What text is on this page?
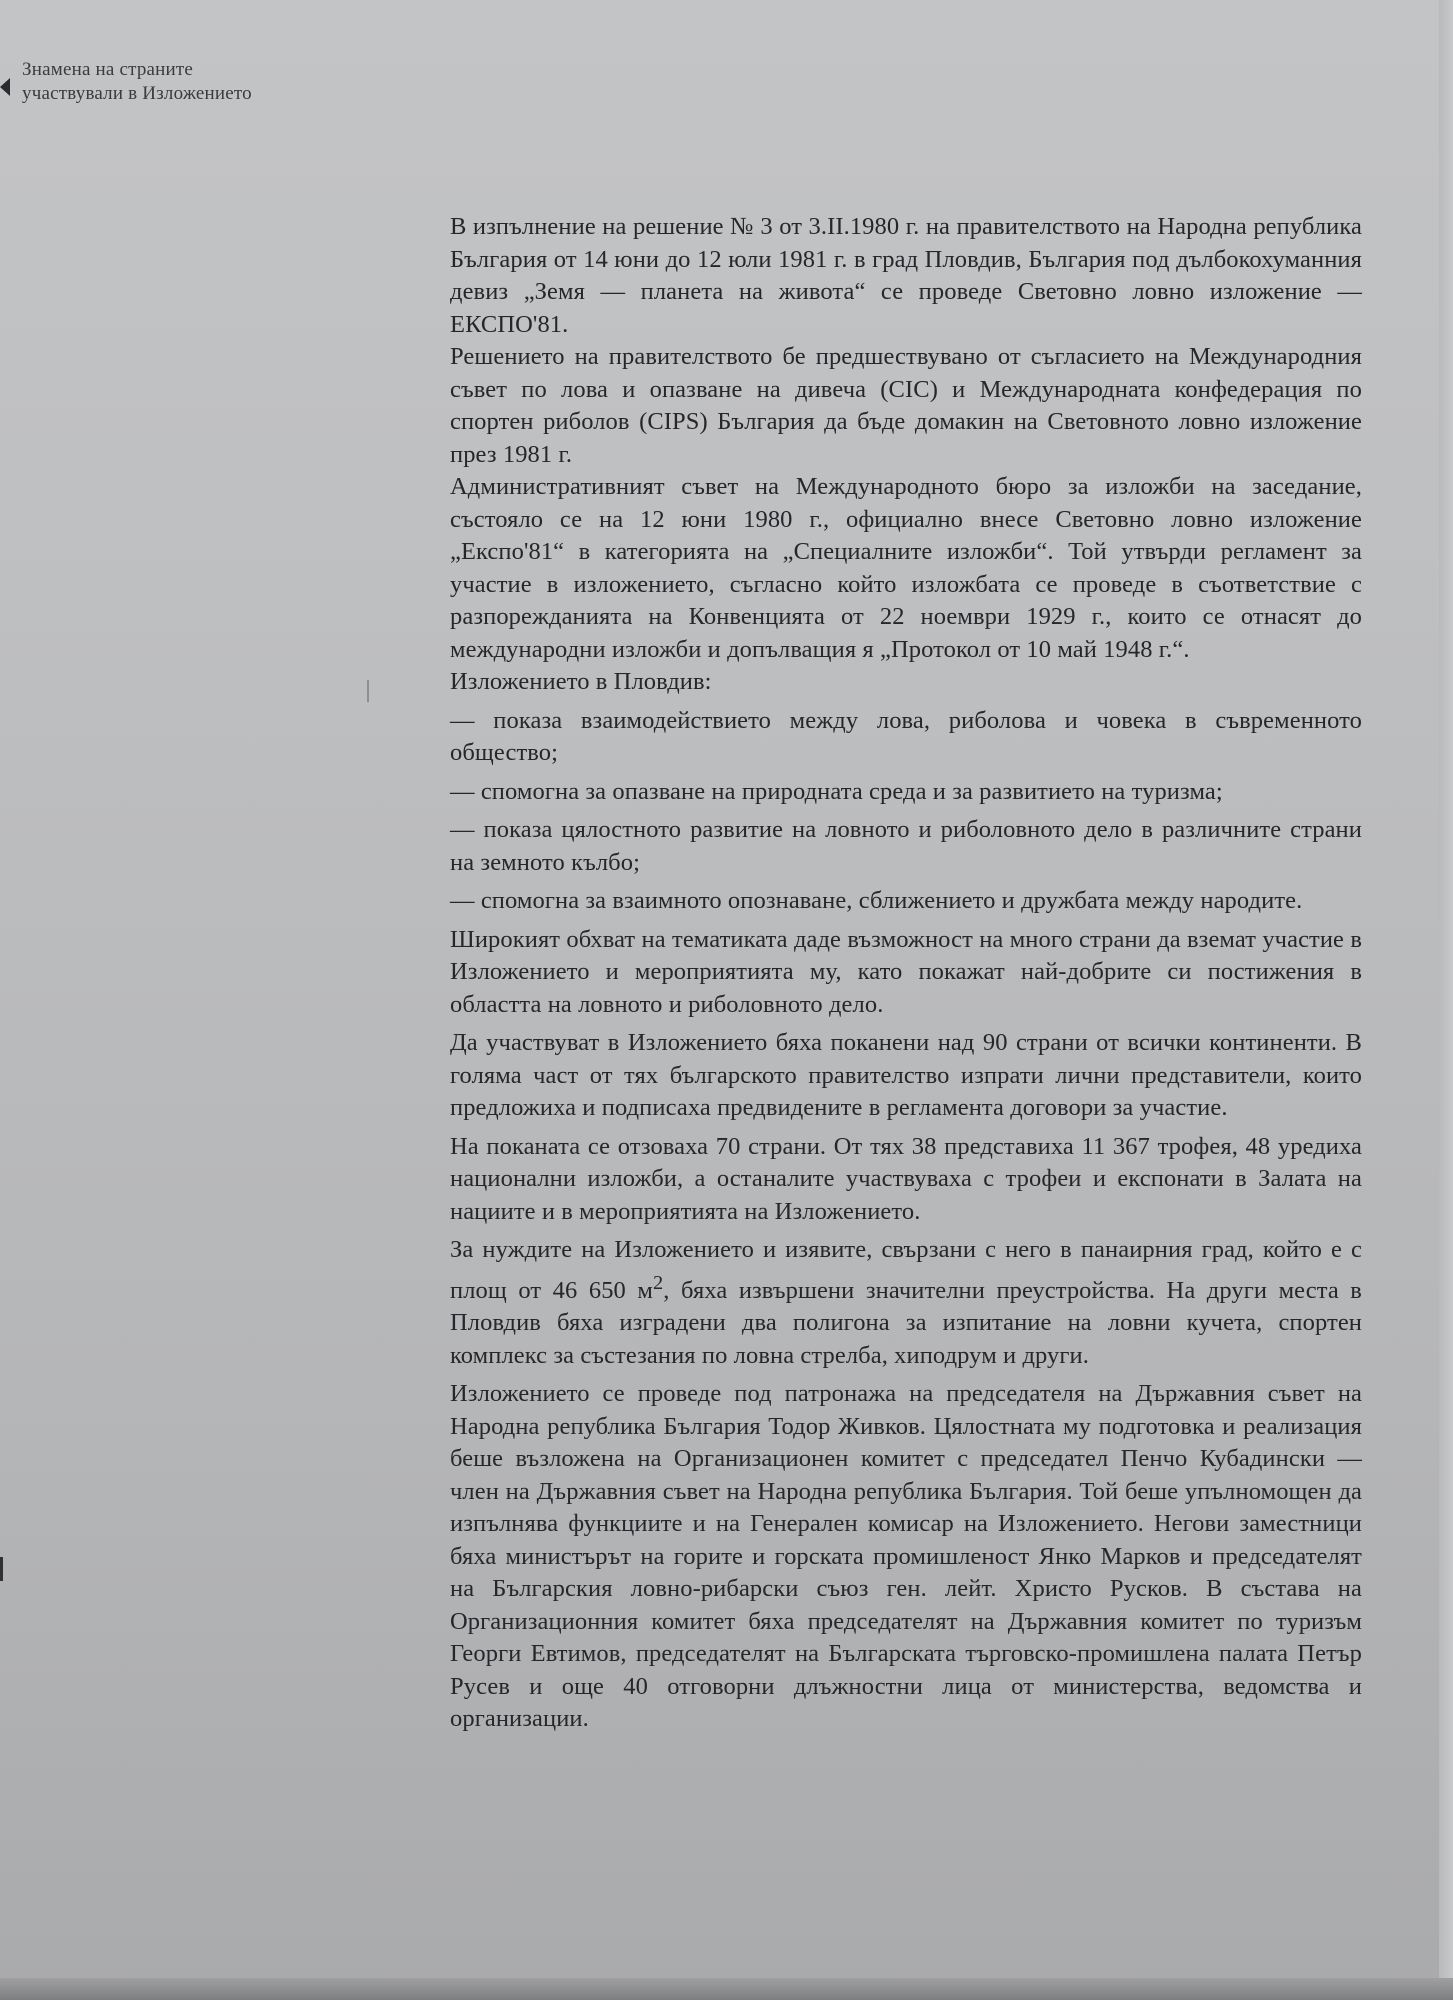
Знамена на страните
участвували в Изложението

В изпълнение на решение № 3 от 3.II.1980 г. на правителството на Народна република България от 14 юни до 12 юли 1981 г. в град Пловдив, България под дълбокохуманния девиз „Земя — планета на живота“ се проведе Световно ловно изложение — ЕКСПО'81.

Решението на правителството бе предшествувано от съгласието на Международния съвет по лова и опазване на дивеча (CIC) и Международната конфедерация по спортен риболов (CIPS) България да бъде домакин на Световното ловно изложение през 1981 г.

Административният съвет на Международното бюро за изложби на заседание, състояло се на 12 юни 1980 г., официално внесе Световно ловно изложение „Експо'81“ в категорията на „Специалните изложби“. Той утвърди регламент за участие в изложението, съгласно който изложбата се проведе в съответствие с разпорежданията на Конвенцията от 22 ноември 1929 г., които се отнасят до международни изложби и допълващия я „Протокол от 10 май 1948 г.“.

Изложението в Пловдив:

— показа взаимодействието между лова, риболова и човека в съвременното общество;

— спомогна за опазване на природната среда и за развитието на туризма;

— показа цялостното развитие на ловното и риболовното дело в различните страни на земното кълбо;

— спомогна за взаимното опознаване, сближението и дружбата между народите.

Широкият обхват на тематиката даде възможност на много страни да вземат участие в Изложението и мероприятията му, като покажат най-добрите си постижения в областта на ловното и риболовното дело.

Да участвуват в Изложението бяха поканени над 90 страни от всички континенти. В голяма част от тях българското правителство изпрати лични представители, които предложиха и подписаха предвидените в регламента договори за участие.

На поканата се отзоваха 70 страни. От тях 38 представиха 11 367 трофея, 48 уредиха национални изложби, а останалите участвуваха с трофеи и експонати в Залата на нациите и в мероприятията на Изложението.

За нуждите на Изложението и изявите, свързани с него в панаирния град, който е с площ от 46 650 $м^2$, бяха извършени значителни преустройства. На други места в Пловдив бяха изградени два полигона за изпитание на ловни кучета, спортен комплекс за състезания по ловна стрелба, хиподрум и други.

Изложението се проведе под патронажа на председателя на Държавния съвет на Народна република България Тодор Живков. Цялостната му подготовка и реализация беше възложена на Организационен комитет с председател Пенчо Кубадински — член на Държавния съвет на Народна република България. Той беше упълномощен да изпълнява функциите и на Генерален комисар на Изложението. Негови заместници бяха министърът на горите и горската промишленост Янко Марков и председателят на Българския ловно-рибарски съюз ген. лейт. Христо Русков. В състава на Организационния комитет бяха председателят на Държавния комитет по туризъм Георги Евтимов, председателят на Българската търговско-промишлена палата Петър Русев и още 40 отговорни длъжностни лица от министерства, ведомства и организации.
